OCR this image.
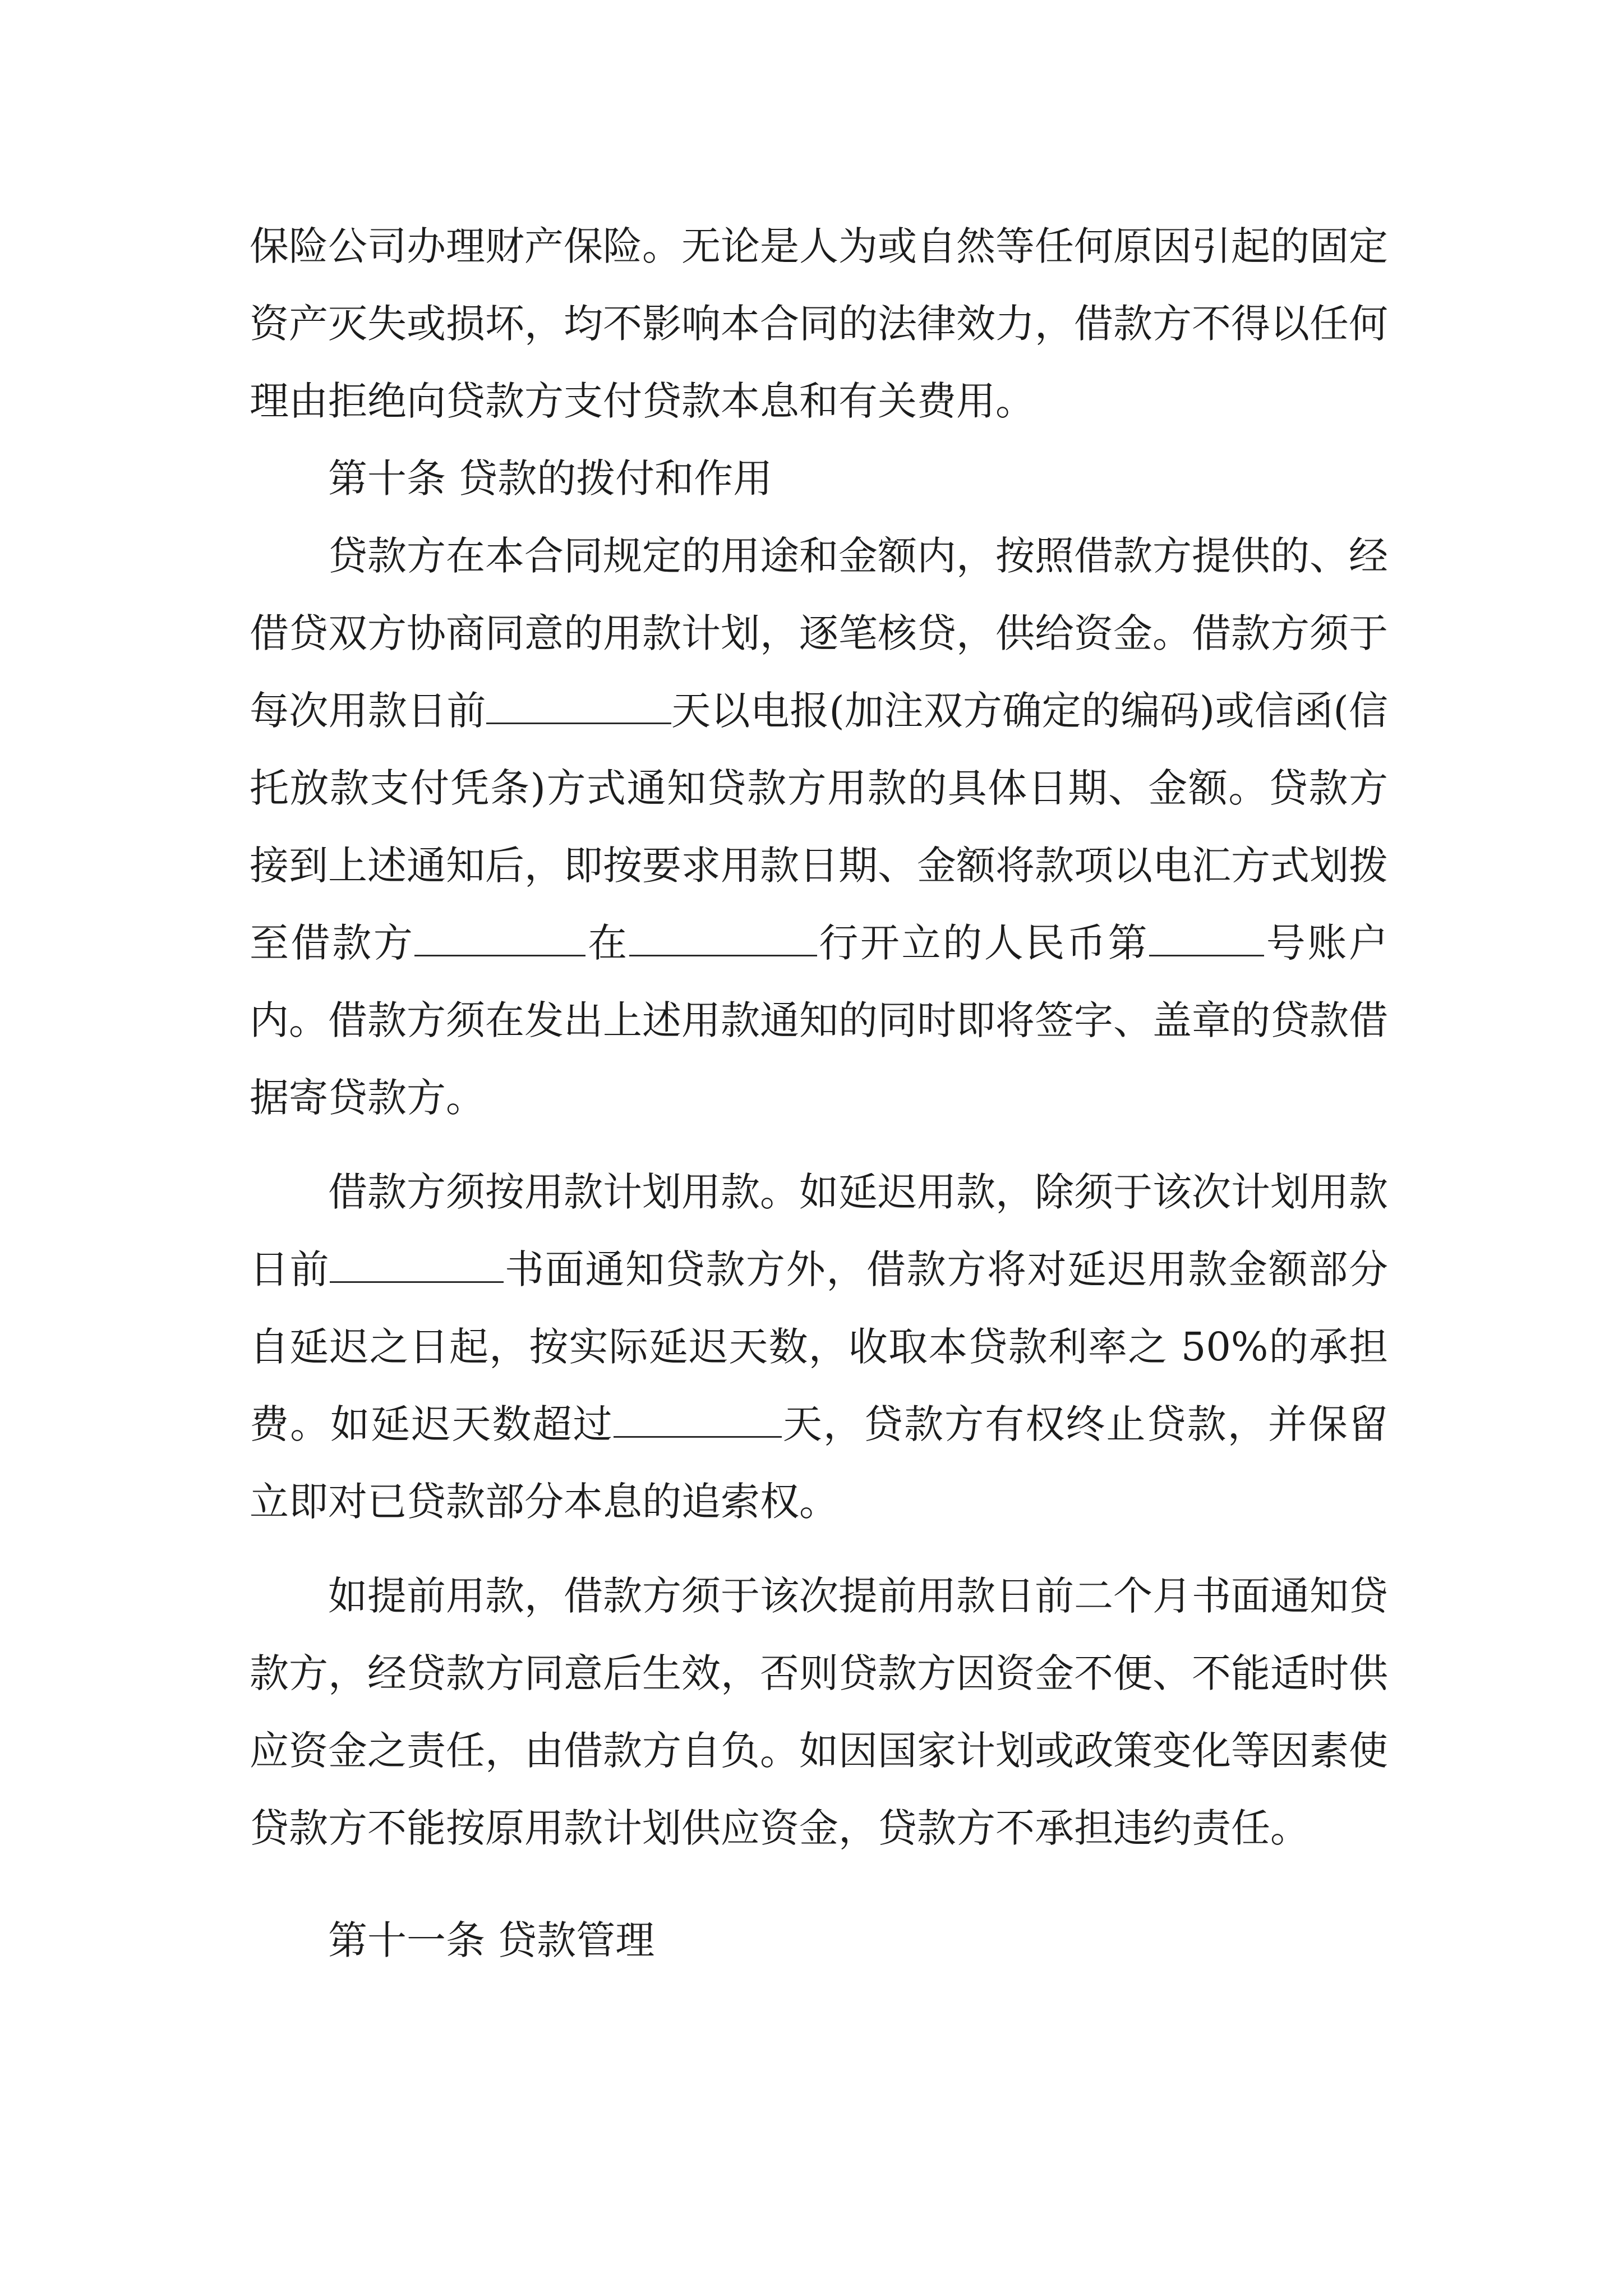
保险公司办理财产保险。无论是人为或自然等任何原因引起的固定资产灭失或损坏，均不影响本合同的法律效力，借款方不得以任何理由拒绝向贷款方支付贷款本息和有关费用。

第十条 贷款的拨付和作用

贷款方在本合同规定的用途和金额内，按照借款方提供的、经借贷双方协商同意的用款计划，逐笔核贷，供给资金。借款方须于每次用款日前	天以电报(加注双方确定的编码)或信函(信托放款支付凭条)方式通知贷款方用款的具体日期、金额。贷款方接到上述通知后，即按要求用款日期、金额将款项以电汇方式划拨至借款方	在	行开立的人民币第	号账户内。借款方须在发出上述用款通知的同时即将签字、盖章的贷款借据寄贷款方。

借款方须按用款计划用款。如延迟用款，除须于该次计划用款日前	书面通知贷款方外，借款方将对延迟用款金额部分自延迟之日起，按实际延迟天数，收取本贷款利率之 50%的承担费。如延迟天数超过	天，贷款方有权终止贷款，并保留立即对已贷款部分本息的追索权。

如提前用款，借款方须于该次提前用款日前二个月书面通知贷款方，经贷款方同意后生效，否则贷款方因资金不便、不能适时供应资金之责任，由借款方自负。如因国家计划或政策变化等因素使贷款方不能按原用款计划供应资金，贷款方不承担违约责任。

第十一条 贷款管理
